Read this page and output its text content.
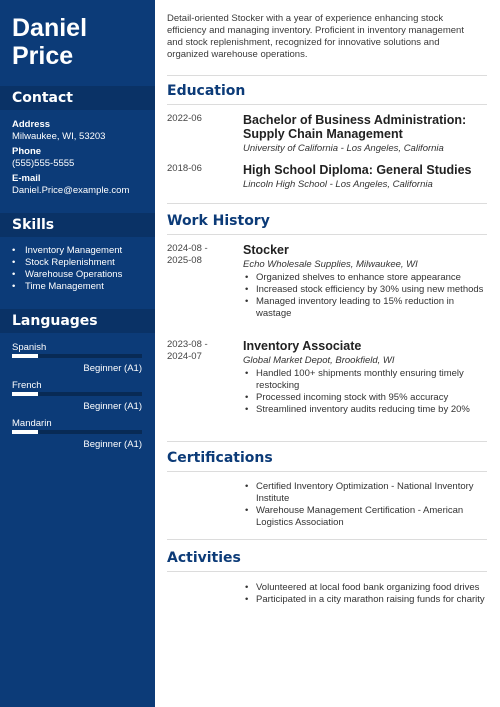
Daniel
Price
Contact
Address
Milwaukee, WI, 53203
Phone
(555)555-5555
E-mail
Daniel.Price@example.com
Skills
• Inventory Management
• Stock Replenishment
• Warehouse Operations
• Time Management
Languages
Spanish
Beginner (A1)
French
Beginner (A1)
Mandarin
Beginner (A1)
Detail-oriented Stocker with a year of experience enhancing stock efficiency and managing inventory. Proficient in inventory management and stock replenishment, recognized for innovative solutions and organized warehouse operations.
Education
2022-06	Bachelor of Business Administration: Supply Chain Management
University of California - Los Angeles, California
2018-06	High School Diploma: General Studies
Lincoln High School - Los Angeles, California
Work History
2024-08 -
2025-08
Stocker
Echo Wholesale Supplies, Milwaukee, WI
• Organized shelves to enhance store appearance
• Increased stock efficiency by 30% using new methods
• Managed inventory leading to 15% reduction in wastage
2023-08 -
2024-07
Inventory Associate
Global Market Depot, Brookfield, WI
• Handled 100+ shipments monthly ensuring timely restocking
• Processed incoming stock with 95% accuracy
• Streamlined inventory audits reducing time by 20%
Certifications
• Certified Inventory Optimization - National Inventory Institute
• Warehouse Management Certification - American Logistics Association
Activities
• Volunteered at local food bank organizing food drives
• Participated in a city marathon raising funds for charity
